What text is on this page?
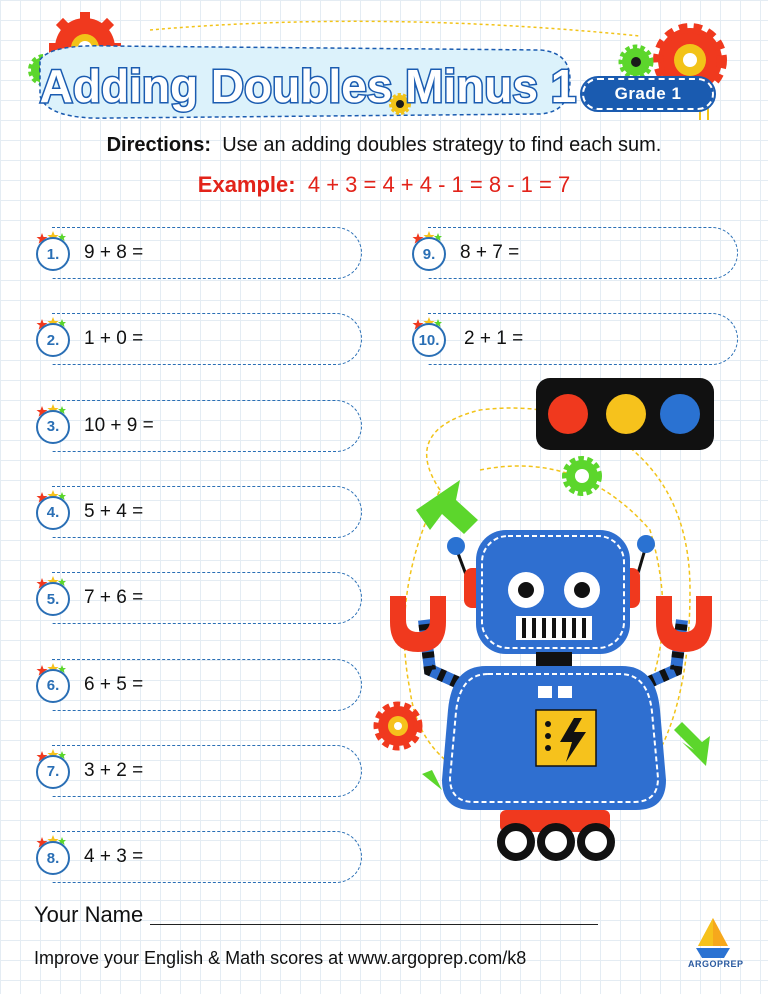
Adding Doubles Minus 1	Grade 1
Directions: Use an adding doubles strategy to find each sum.
Example: 4 + 3 = 4 + 4 - 1 = 8 - 1 = 7
1.	9 + 8 =
2.	1 + 0 =
3.	10 + 9 =
4.	5 + 4 =
5.	7 + 6 =
6.	6 + 5 =
7.	3 + 2 =
8.	4 + 3 =
9.	8 + 7 =
10.	2 + 1 =
Your Name
Improve your English & Math scores at www.argoprep.com/k8	ARGOPREP
